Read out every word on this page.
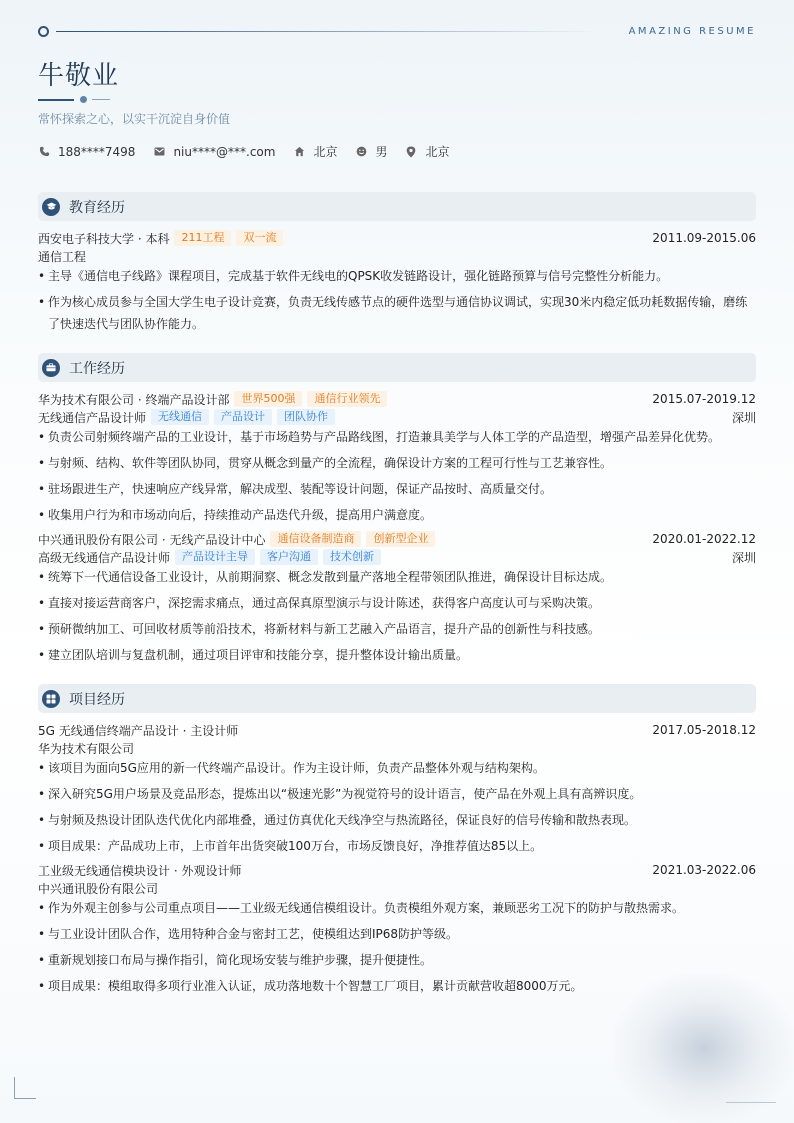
AMAZING RESUME
牛敬业
常怀探索之心，以实干沉淀自身价值
188****7498	niu****@***.com	北京	男	北京
教育经历
西安电子科技大学 · 本科	211工程	双一流	2011.09-2015.06
通信工程
• 主导《通信电子线路》课程项目，完成基于软件无线电的QPSK收发链路设计，强化链路预算与信号完整性分析能力。
• 作为核心成员参与全国大学生电子设计竞赛，负责无线传感节点的硬件选型与通信协议调试，实现30米内稳定低功耗数据传输，磨练
了快速迭代与团队协作能力。
工作经历
华为技术有限公司 · 终端产品设计部	世界500强	通信行业领先	2015.07-2019.12
无线通信产品设计师	无线通信	产品设计	团队协作	深圳
• 负责公司射频终端产品的工业设计，基于市场趋势与产品路线图，打造兼具美学与人体工学的产品造型，增强产品差异化优势。
• 与射频、结构、软件等团队协同，贯穿从概念到量产的全流程，确保设计方案的工程可行性与工艺兼容性。
• 驻场跟进生产，快速响应产线异常，解决成型、装配等设计问题，保证产品按时、高质量交付。
• 收集用户行为和市场动向后，持续推动产品迭代升级，提高用户满意度。
中兴通讯股份有限公司 · 无线产品设计中心	通信设备制造商	创新型企业	2020.01-2022.12
高级无线通信产品设计师	产品设计主导	客户沟通	技术创新	深圳
• 统筹下一代通信设备工业设计，从前期洞察、概念发散到量产落地全程带领团队推进，确保设计目标达成。
• 直接对接运营商客户，深挖需求痛点，通过高保真原型演示与设计陈述，获得客户高度认可与采购决策。
• 预研微纳加工、可回收材质等前沿技术，将新材料与新工艺融入产品语言，提升产品的创新性与科技感。
• 建立团队培训与复盘机制，通过项目评审和技能分享，提升整体设计输出质量。
项目经历
5G 无线通信终端产品设计 · 主设计师	2017.05-2018.12
华为技术有限公司
• 该项目为面向5G应用的新一代终端产品设计。作为主设计师，负责产品整体外观与结构架构。
• 深入研究5G用户场景及竞品形态，提炼出以“极速光影”为视觉符号的设计语言，使产品在外观上具有高辨识度。
• 与射频及热设计团队迭代优化内部堆叠，通过仿真优化天线净空与热流路径，保证良好的信号传输和散热表现。
• 项目成果：产品成功上市，上市首年出货突破100万台，市场反馈良好，净推荐值达85以上。
工业级无线通信模块设计 · 外观设计师	2021.03-2022.06
中兴通讯股份有限公司
• 作为外观主创参与公司重点项目——工业级无线通信模组设计。负责模组外观方案，兼顾恶劣工况下的防护与散热需求。
• 与工业设计团队合作，选用特种合金与密封工艺，使模组达到IP68防护等级。
• 重新规划接口布局与操作指引，简化现场安装与维护步骤，提升便捷性。
• 项目成果：模组取得多项行业准入认证，成功落地数十个智慧工厂项目，累计贡献营收超8000万元。
